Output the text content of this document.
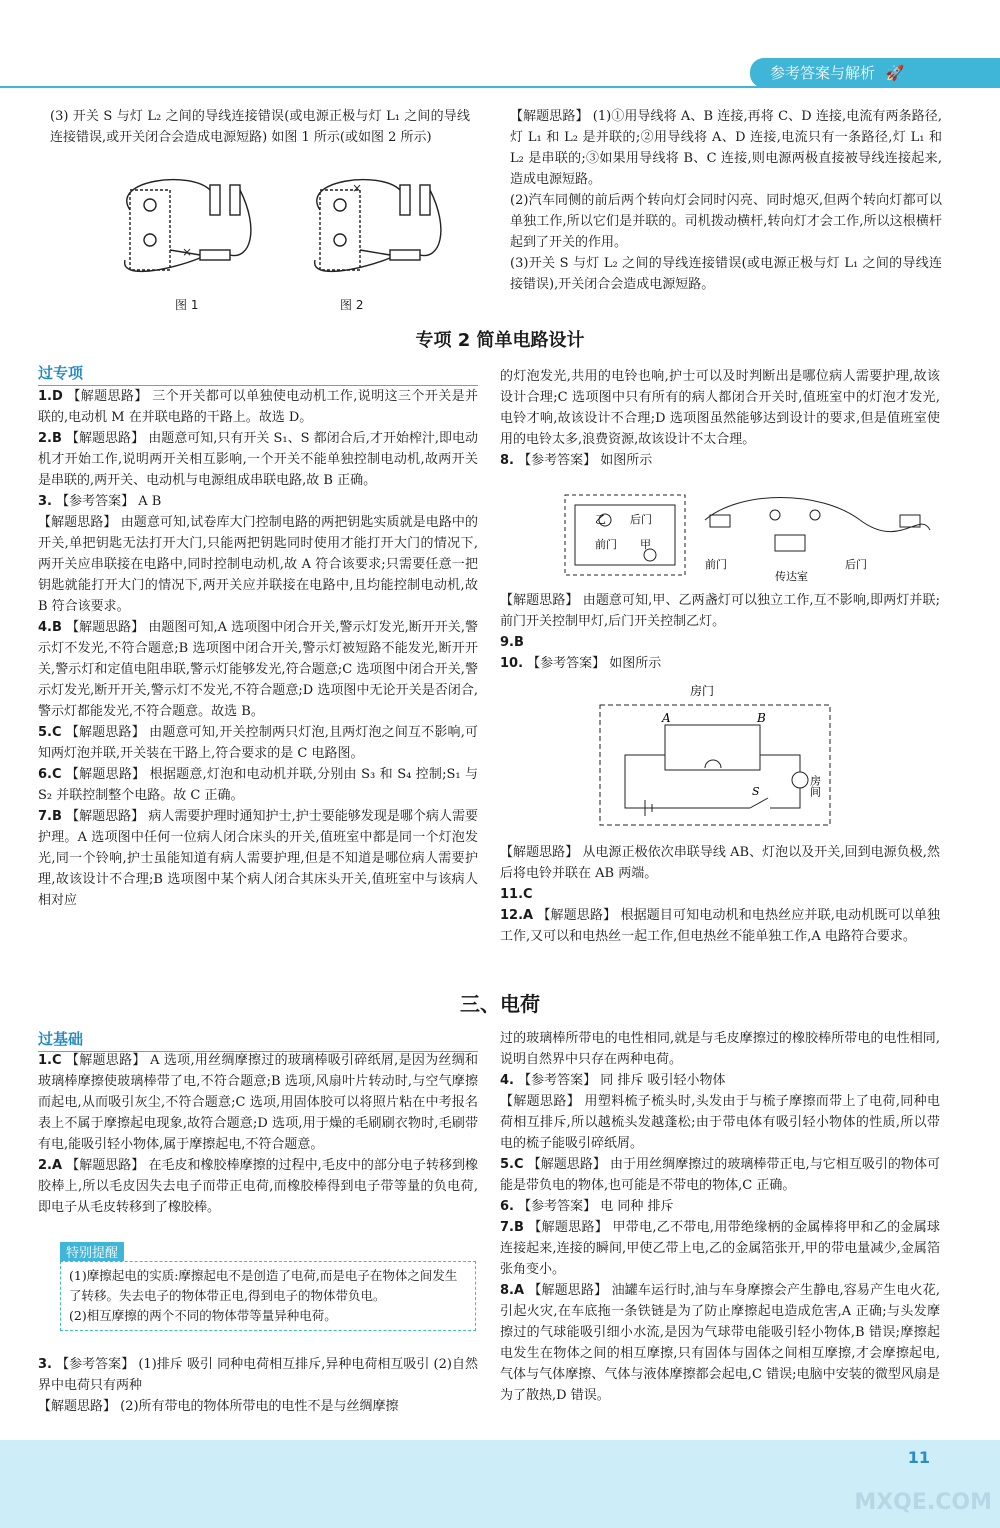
参考答案与解析 🚀

(3) 开关 S 与灯 L₂ 之间的导线连接错误(或电源正极与灯 L₁ 之间的导线连接错误,或开关闭合会造成电源短路) 如图 1 所示(或如图 2 所示)

×
×
图 1	图 2

【解题思路】 (1)①用导线将 A、B 连接,再将 C、D 连接,电流有两条路径,灯 L₁ 和 L₂ 是并联的;②用导线将 A、D 连接,电流只有一条路径,灯 L₁ 和 L₂ 是串联的;③如果用导线将 B、C 连接,则电源两极直接被导线连接起来,造成电源短路。

(2)汽车同侧的前后两个转向灯会同时闪亮、同时熄灭,但两个转向灯都可以单独工作,所以它们是并联的。司机拨动横杆,转向灯才会工作,所以这根横杆起到了开关的作用。

(3)开关 S 与灯 L₂ 之间的导线连接错误(或电源正极与灯 L₁ 之间的导线连接错误),开关闭合会造成电源短路。

专项 2 简单电路设计
过专项

1.D 【解题思路】 三个开关都可以单独使电动机工作,说明这三个开关是并联的,电动机 M 在并联电路的干路上。故选 D。

2.B 【解题思路】 由题意可知,只有开关 S₁、S 都闭合后,才开始榨汁,即电动机才开始工作,说明两开关相互影响,一个开关不能单独控制电动机,故两开关是串联的,两开关、电动机与电源组成串联电路,故 B 正确。

3. 【参考答案】 A B

【解题思路】 由题意可知,试卷库大门控制电路的两把钥匙实质就是电路中的开关,单把钥匙无法打开大门,只能两把钥匙同时使用才能打开大门的情况下,两开关应串联接在电路中,同时控制电动机,故 A 符合该要求;只需要任意一把钥匙就能打开大门的情况下,两开关应并联接在电路中,且均能控制电动机,故 B 符合该要求。

4.B 【解题思路】 由题图可知,A 选项图中闭合开关,警示灯发光,断开开关,警示灯不发光,不符合题意;B 选项图中闭合开关,警示灯被短路不能发光,断开开关,警示灯和定值电阻串联,警示灯能够发光,符合题意;C 选项图中闭合开关,警示灯发光,断开开关,警示灯不发光,不符合题意;D 选项图中无论开关是否闭合,警示灯都能发光,不符合题意。故选 B。

5.C 【解题思路】 由题意可知,开关控制两只灯泡,且两灯泡之间互不影响,可知两灯泡并联,开关装在干路上,符合要求的是 C 电路图。

6.C 【解题思路】 根据题意,灯泡和电动机并联,分别由 S₃ 和 S₄ 控制;S₁ 与 S₂ 并联控制整个电路。故 C 正确。

7.B 【解题思路】 病人需要护理时通知护士,护士要能够发现是哪个病人需要护理。A 选项图中任何一位病人闭合床头的开关,值班室中都是同一个灯泡发光,同一个铃响,护士虽能知道有病人需要护理,但是不知道是哪位病人需要护理,故该设计不合理;B 选项图中某个病人闭合其床头开关,值班室中与该病人相对应

的灯泡发光,共用的电铃也响,护士可以及时判断出是哪位病人需要护理,故该设计合理;C 选项图中只有所有的病人都闭合开关时,值班室中的灯泡才发光,电铃才响,故该设计不合理;D 选项图虽然能够达到设计的要求,但是值班室使用的电铃太多,浪费资源,故该设计不太合理。

8. 【参考答案】 如图所示

乙 后门
前门 甲
前门	后门
传达室

【解题思路】 由题意可知,甲、乙两盏灯可以独立工作,互不影响,即两灯并联;前门开关控制甲灯,后门开关控制乙灯。

9.B

10. 【参考答案】 如图所示

房门
A	B
S	房间

【解题思路】 从电源正极依次串联导线 AB、灯泡以及开关,回到电源负极,然后将电铃并联在 AB 两端。

11.C

12.A 【解题思路】 根据题目可知电动机和电热丝应并联,电动机既可以单独工作,又可以和电热丝一起工作,但电热丝不能单独工作,A 电路符合要求。

三、电荷
过基础

1.C 【解题思路】 A 选项,用丝绸摩擦过的玻璃棒吸引碎纸屑,是因为丝绸和玻璃棒摩擦使玻璃棒带了电,不符合题意;B 选项,风扇叶片转动时,与空气摩擦而起电,从而吸引灰尘,不符合题意;C 选项,用固体胶可以将照片粘在中考报名表上不属于摩擦起电现象,故符合题意;D 选项,用于燥的毛刷刷衣物时,毛刷带有电,能吸引轻小物体,属于摩擦起电,不符合题意。

2.A 【解题思路】 在毛皮和橡胶棒摩擦的过程中,毛皮中的部分电子转移到橡胶棒上,所以毛皮因失去电子而带正电荷,而橡胶棒得到电子带等量的负电荷,即电子从毛皮转移到了橡胶棒。

特别提醒
(1)摩擦起电的实质:摩擦起电不是创造了电荷,而是电子在物体之间发生了转移。失去电子的物体带正电,得到电子的物体带负电。
(2)相互摩擦的两个不同的物体带等量异种电荷。

3. 【参考答案】 (1)排斥 吸引 同种电荷相互排斥,异种电荷相互吸引 (2)自然界中电荷只有两种

【解题思路】 (2)所有带电的物体所带电的电性不是与丝绸摩擦

过的玻璃棒所带电的电性相同,就是与毛皮摩擦过的橡胶棒所带电的电性相同,说明自然界中只存在两种电荷。

4. 【参考答案】 同 排斥 吸引轻小物体

【解题思路】 用塑料梳子梳头时,头发由于与梳子摩擦而带上了电荷,同种电荷相互排斥,所以越梳头发越蓬松;由于带电体有吸引轻小物体的性质,所以带电的梳子能吸引碎纸屑。

5.C 【解题思路】 由于用丝绸摩擦过的玻璃棒带正电,与它相互吸引的物体可能是带负电的物体,也可能是不带电的物体,C 正确。

6. 【参考答案】 电 同种 排斥

7.B 【解题思路】 甲带电,乙不带电,用带绝缘柄的金属棒将甲和乙的金属球连接起来,连接的瞬间,甲使乙带上电,乙的金属箔张开,甲的带电量减少,金属箔张角变小。

8.A 【解题思路】 油罐车运行时,油与车身摩擦会产生静电,容易产生电火花,引起火灾,在车底拖一条铁链是为了防止摩擦起电造成危害,A 正确;与头发摩擦过的气球能吸引细小水流,是因为气球带电能吸引轻小物体,B 错误;摩擦起电发生在物体之间的相互摩擦,只有固体与固体之间相互摩擦,才会摩擦起电,气体与气体摩擦、气体与液体摩擦都会起电,C 错误;电脑中安装的微型风扇是为了散热,D 错误。

11
MXQE.COM
